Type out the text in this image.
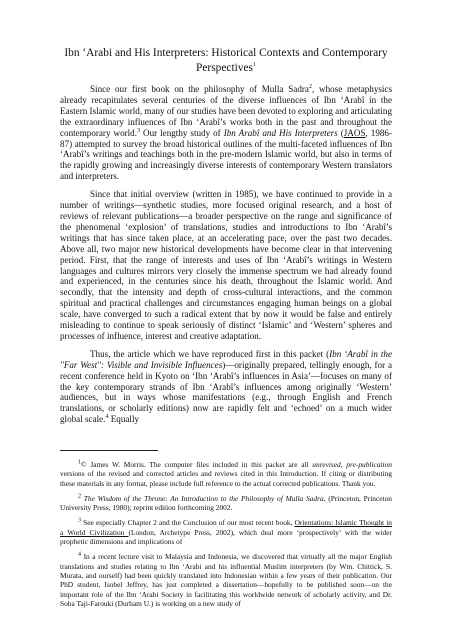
Ibn ‘Arabi and His Interpreters: Historical Contexts and Contemporary Perspectives$^1$

Since our first book on the philosophy of Mulla Sadra$^2$, whose metaphysics already recapitulates several centuries of the diverse influences of Ibn ‘Arabî in the Eastern Islamic world, many of our studies have been devoted to exploring and articulating the extraordinary influences of Ibn ‘Arabî’s works both in the past and throughout the contemporary world.$^3$ Our lengthy study of Ibn Arabî and His Interpreters (JAOS, 1986-87) attempted to survey the broad historical outlines of the multi-faceted influences of Ibn ‘Arabî’s writings and teachings both in the pre-modern Islamic world, but also in terms of the rapidly growing and increasingly diverse interests of contemporary Western translators and interpreters.

Since that initial overview (written in 1985), we have continued to provide in a number of writings—synthetic studies, more focused original research, and a host of reviews of relevant publications—a broader perspective on the range and significance of the phenomenal ‘explosion’ of translations, studies and introductions to Ibn ‘Arabî’s writings that has since taken place, at an accelerating pace, over the past two decades. Above all, two major new historical developments have become clear in that intervening period. First, that the range of interests and uses of Ibn ‘Arabî’s writings in Western languages and cultures mirrors very closely the immense spectrum we had already found and experienced, in the centuries since his death, throughout the Islamic world. And secondly, that the intensity and depth of cross-cultural interactions, and the common spiritual and practical challenges and circumstances engaging human beings on a global scale, have converged to such a radical extent that by now it would be false and entirely misleading to continue to speak seriously of distinct ‘Islamic’ and ‘Western’ spheres and processes of influence, interest and creative adaptation.

Thus, the article which we have reproduced first in this packet (Ibn ‘Arabî in the "Far West": Visible and Invisible Influences)—originally prepared, tellingly enough, for a recent conference held in Kyoto on ‘Ibn ‘Arabî’s influences in Asia’—focuses on many of the key contemporary strands of Ibn ‘Arabî’s influences among originally ‘Western’ audiences, but in ways whose manifestations (e.g., through English and French translations, or scholarly editions) now are rapidly felt and ‘echoed’ on a much wider global scale.$^4$ Equally

$^1$© James W. Morris. The computer files included in this packet are all unrevised, pre-publication versions of the revised and corrected articles and reviews cited in this Introduction. If citing or distributing these materials in any format, please include full reference to the actual corrected publications. Thank you.
$^2$ The Wisdom of the Throne: An Introduction to the Philosophy of Mulla Sadra, (Princeton, Princeton University Press, 1980); reprint edition forthcoming 2002.
$^3$ See especially Chapter 2 and the Conclusion of our most recent book, Orientations: Islamic Thought in a World Civilization (London, Archetype Press, 2002), which deal more ‘prospectively’ with the wider prophetic dimensions and implications of
$^4$ In a recent lecture visit to Malaysia and Indonesia, we discovered that virtually all the major English translations and studies relating to Ibn ‘Arabi and his influential Muslim interpreters (by Wm. Chittick, S. Murata, and ourself) had been quickly translated into Indonesian within a few years of their publication. Our PhD student, Isobel Jeffrey, has just completed a dissertation—hopefully to be published soon—on the important role of the Ibn ‘Arabi Society in facilitating this worldwide network of scholarly activity, and Dr. Soha Taji-Farouki (Durham U.) is working on a new study of
